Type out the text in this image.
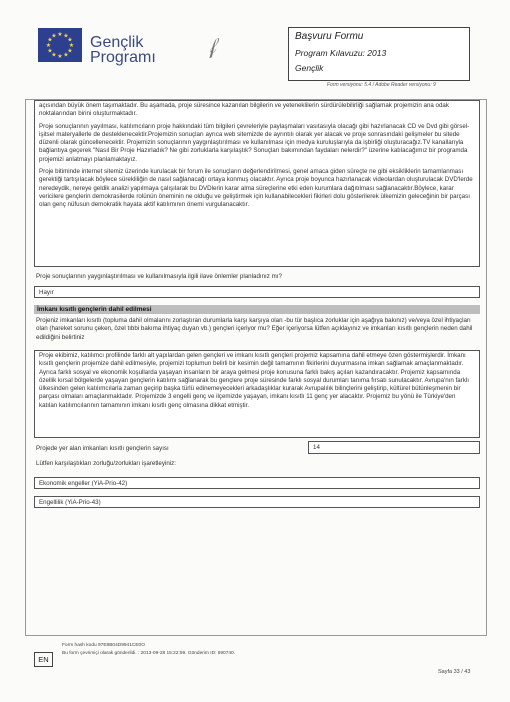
★ ★
★
★
★
★
★
★
★
★
★
★ Gençlik
Programı 𝒻	Başvuru Formu
Program Kılavuzu: 2013
Gençlik
Form versiyonu: 5.4 / Adobe Reader versiyonu: 9

açısından büyük önem taşımaktadır. Bu aşamada, proje süresince kazanılan bilgilerin ve yeteneklilerin sürdürülebilirliği sağlamak projemizin ana odak noktalarından birini oluşturmaktadır.

Proje sonuçlarının yayılması, katılımcıların proje hakkındaki tüm bilgileri çevreleriyle paylaşmaları vasıtasıyla olacağı gibi hazırlanacak CD ve Dvd gibi görsel-işitsel materyallerle de desteklenecektir.Projemizin sonuçları ayrıca web sitemizde de ayrıntılı olarak yer alacak ve proje sonrasındaki gelişmeler bu sitede düzenli olarak güncellenecektir. Projemizin sonuçlarının yaygınlaştırılması ve kullanılması için medya kuruluşlarıyla da işbirliği oluşturacağız.TV kanallarıyla bağlantıya geçerek "Nasıl Bir Proje Hazırladık? Ne gibi zorluklarla karşılaştık? Sonuçları bakımından faydaları nelerdir?" üzerine katılacağımız bir programda projemizi anlatmayı planlamaktayız.

Proje bitiminde internet sitemiz üzerinde kurulacak bir forum ile sonuçların değerlendirilmesi, genel amaca giden süreçte ne gibi eksikliklerin tamamlanması gerektiği tartışılacak böylece sürekliliğin de nasıl sağlanacağı ortaya konmuş olacaktır. Ayrıca proje boyunca hazırlanacak videolardan oluşturulacak DVD'lerde neredeydik, nereye geldik analizi yapılmaya çalışılarak bu DVDlerin karar alma süreçlerine etki eden kurumlara dağıtılması sağlanacaktır.Böylece, karar vericilere gençlerin demokrasilerde rolünün öneminin ne olduğu ve geliştirmek için kullanabilecekleri fikirleri dolu gösterilerek ülkemizin geleceğinin bir parçası olan genç nüfusun demokratik hayata aktif katılımının önemi vurgulanacaktır.

Proje sonuçlarının yaygınlaştırılması ve kullanılmasıyla ilgili ilave önlemler planladınız mı?
Hayır
İmkanı kısıtlı gençlerin dahil edilmesi
Projeniz imkanları kısıtlı (topluma dahil olmalarını zorlaştıran durumlarla karşı karşıya olan -bu tür başlıca zorluklar için aşağıya bakınız) ve/veya özel ihtiyaçları olan (hareket sorunu çeken, özel tıbbi bakıma ihtiyaç duyan vb.) gençleri içeriyor mu? Eğer içeriyorsa lütfen açıklayınız ve imkanları kısıtlı gençlerin neden dahil edildiğini belirtiniz
Proje ekibimiz, katılımcı profilinde farklı alt yapılardan gelen gençleri ve imkanı kısıtlı gençleri projemiz kapsamına dahil etmeye özen göstermişlerdir. İmkanı kısıtlı gençlerin projemize dahil edilmesiyle, projemizi toplumun belirli bir kesimin değil tamamının fikirlerini duyurmasına imkan sağlamak amaçlanmaktadır. Ayrıca farklı sosyal ve ekonomik koşullarda yaşayan insanların bir araya gelmesi proje konusuna farklı bakış açıları kazandıracaktır. Projemiz kapsamında özellik kırsal bölgelerde yaşayan gençlerin katılımı sağlanarak bu gençlere proje süresinde farklı sosyal durumları tanıma fırsatı sunulacaktır. Avrupa'nın farklı ülkesinden gelen katılımcılarla zaman geçirip başka türlü edinemeyecekleri arkadaşlıklar kurarak Avrupalılık bilinçlerini geliştirip, kültürel bütünleşmenin bir parçası olmaları amaçlanmaktadır. Projemizde 3 engelli genç ve ilçemizde yaşayan, imkanı kısıtlı 11 genç yer alacaktır. Projemiz bu yönü ile Türkiye'den katılan katılımcılarının tamamının imkanı kısıtlı genç olmasına dikkat etmiştir.
Projede yer alan imkanları kısıtlı gençlerin sayısı	14
Lütfen karşılaştıkları zorluğu/zorlukları işaretleyiniz:
Ekonomik engeller (YiA-Prio-42)
Engellilik (YiA-Prio-43)
Form hash kodu 97E8B04D9941CE0O
Bu form çevrimiçi olarak gönderildi. : 2013-09-28 15:22:59. Gönderim ID: 690740.
EN
Sayfa 33 / 43
